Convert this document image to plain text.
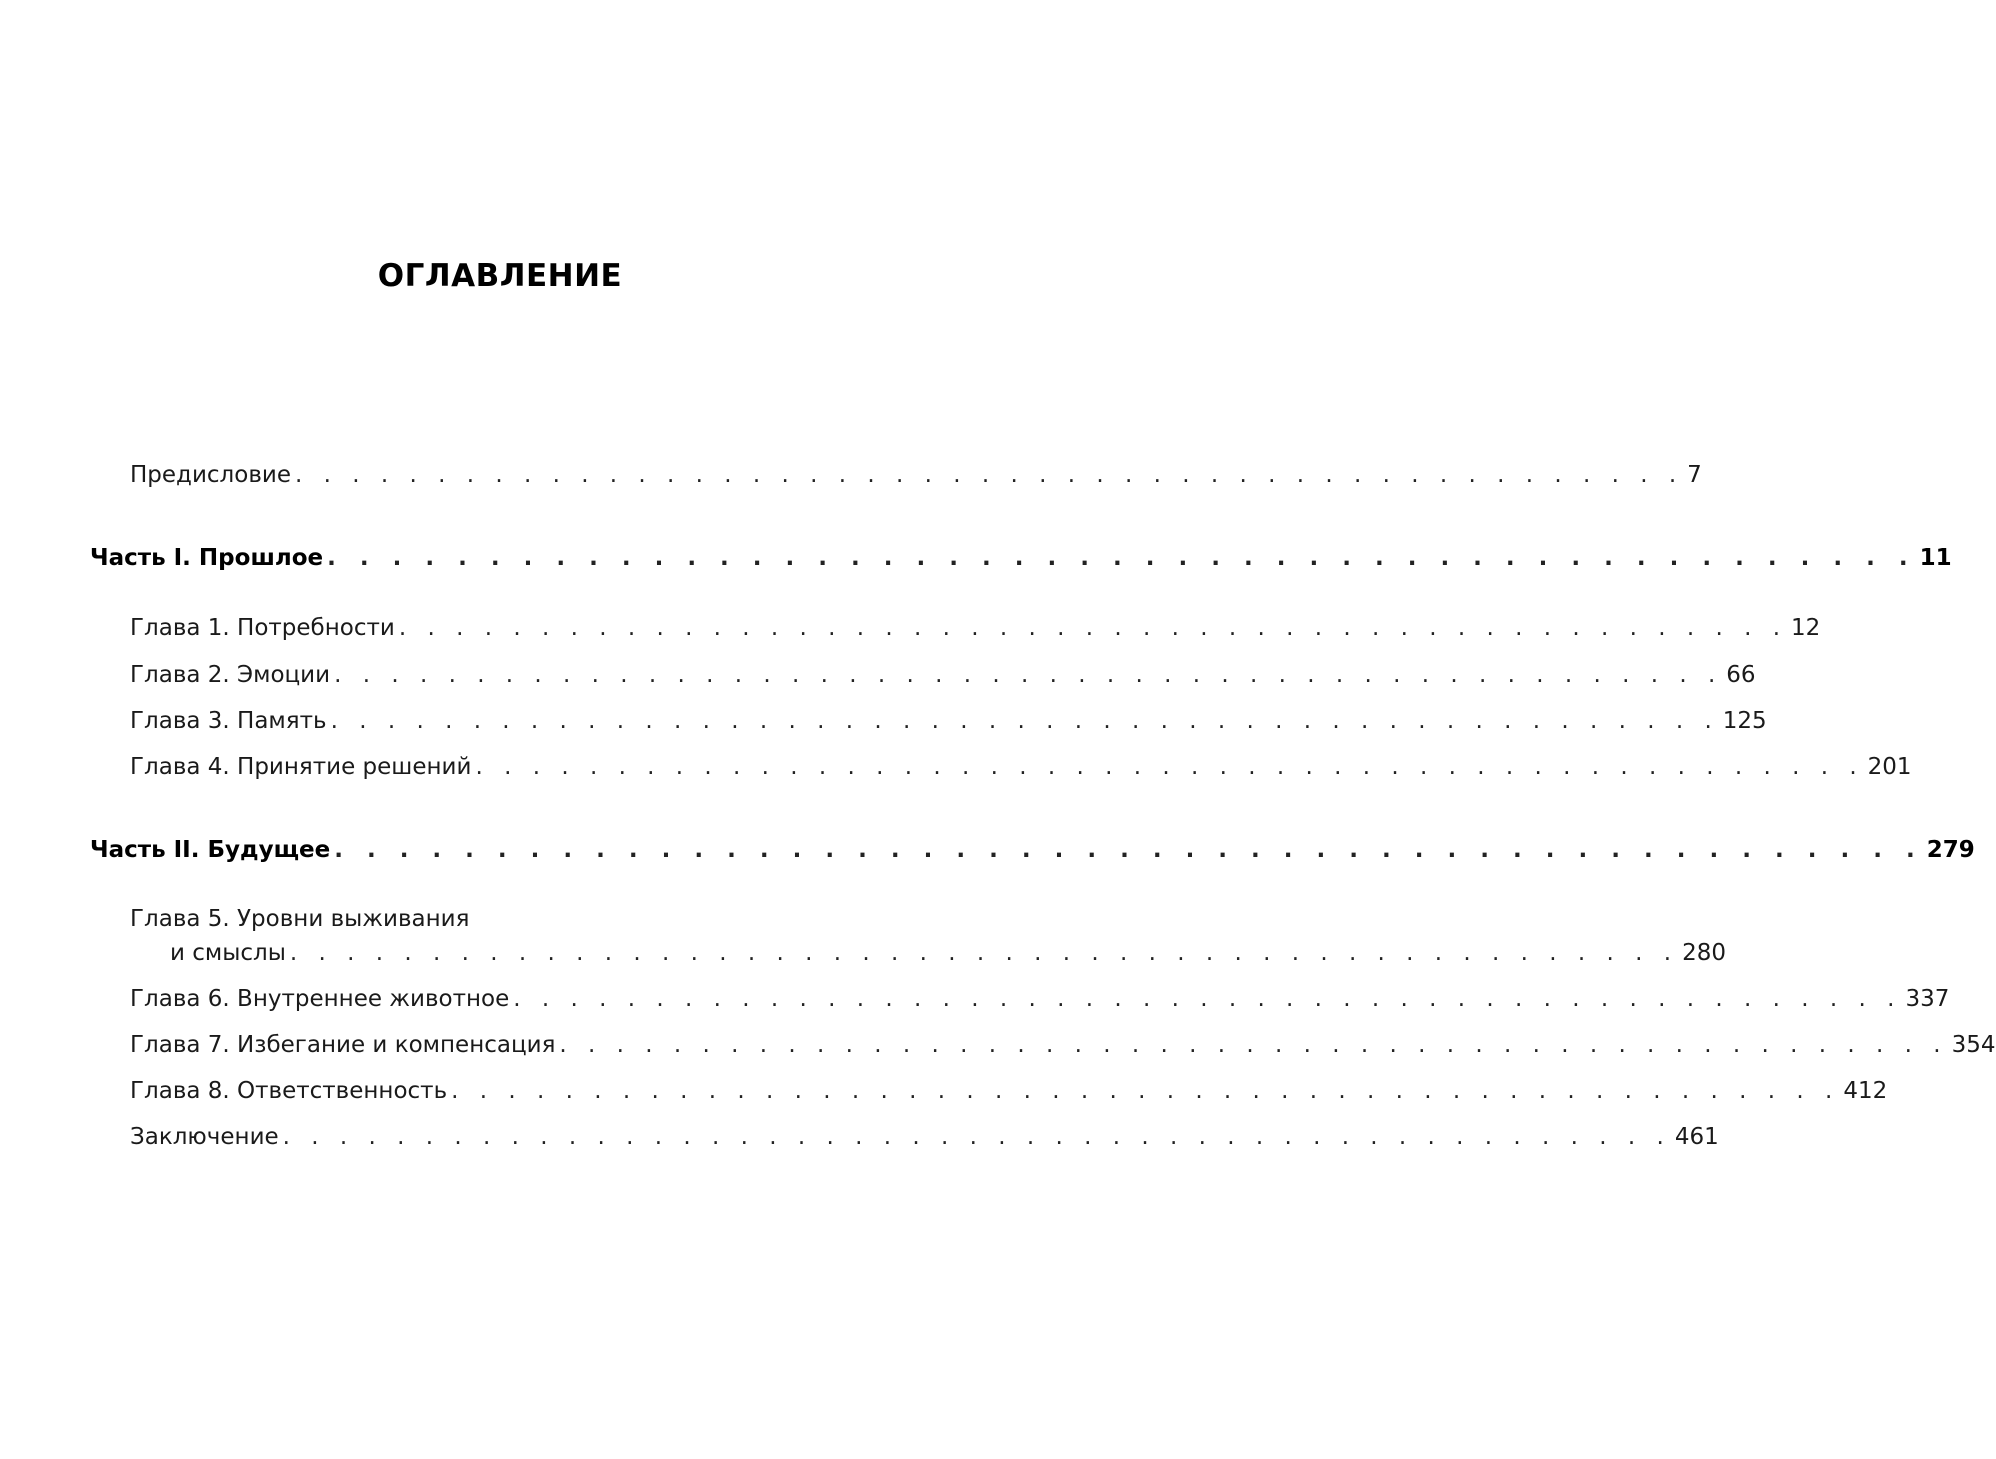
ОГЛАВЛЕНИЕ
Предисловие . . . . . . . . . . . . . . . . . . . . . . . . . . . . . . . . . . . . . . . . . . . . . . . . . 7
Часть I. Прошлое . . . . . . . . . . . . . . . . . . . . . . . . . . . . . . . . . . . . . . . . . . . . . . . . . 11
Глава 1. Потребности . . . . . . . . . . . . . . . . . . . . . . . . . . . . . . . . . . . . . . . . . . . . . . . . . 12
Глава 2. Эмоции . . . . . . . . . . . . . . . . . . . . . . . . . . . . . . . . . . . . . . . . . . . . . . . . . 66
Глава 3. Память . . . . . . . . . . . . . . . . . . . . . . . . . . . . . . . . . . . . . . . . . . . . . . . . . 125
Глава 4. Принятие решений . . . . . . . . . . . . . . . . . . . . . . . . . . . . . . . . . . . . . . . . . . . . . . . . . 201
Часть II. Будущее . . . . . . . . . . . . . . . . . . . . . . . . . . . . . . . . . . . . . . . . . . . . . . . . . 279
Глава 5. Уровни выживания
и смыслы . . . . . . . . . . . . . . . . . . . . . . . . . . . . . . . . . . . . . . . . . . . . . . . . . 280
Глава 6. Внутреннее животное . . . . . . . . . . . . . . . . . . . . . . . . . . . . . . . . . . . . . . . . . . . . . . . . . 337
Глава 7. Избегание и компенсация . . . . . . . . . . . . . . . . . . . . . . . . . . . . . . . . . . . . . . . . . . . . . . . . . 354
Глава 8. Ответственность . . . . . . . . . . . . . . . . . . . . . . . . . . . . . . . . . . . . . . . . . . . . . . . . . 412
Заключение . . . . . . . . . . . . . . . . . . . . . . . . . . . . . . . . . . . . . . . . . . . . . . . . . 461
